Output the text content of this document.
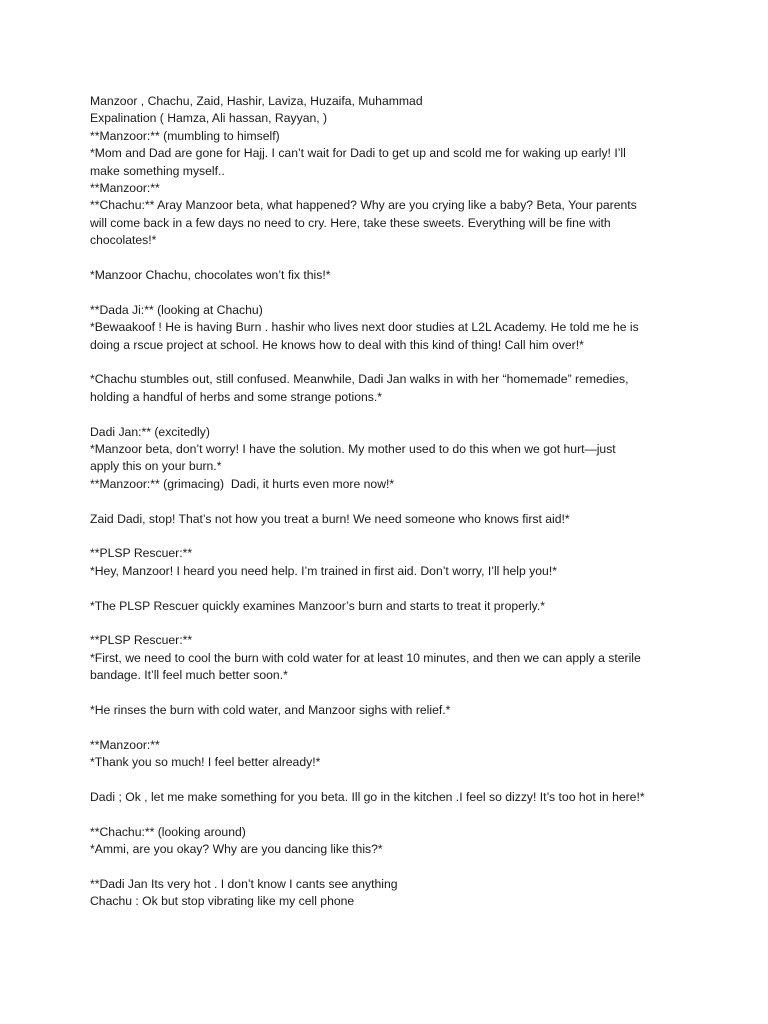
Manzoor , Chachu, Zaid, Hashir, Laviza, Huzaifa, Muhammad
Expalination ( Hamza, Ali hassan, Rayyan, )
**Manzoor:** (mumbling to himself)
*Mom and Dad are gone for Hajj. I can’t wait for Dadi to get up and scold me for waking up early! I’ll
make something myself..
**Manzoor:**
**Chachu:** Aray Manzoor beta, what happened? Why are you crying like a baby? Beta, Your parents
will come back in a few days no need to cry. Here, take these sweets. Everything will be fine with
chocolates!*
*Manzoor Chachu, chocolates won’t fix this!*
**Dada Ji:** (looking at Chachu)
*Bewaakoof ! He is having Burn . hashir who lives next door studies at L2L Academy. He told me he is
doing a rscue project at school. He knows how to deal with this kind of thing! Call him over!*
*Chachu stumbles out, still confused. Meanwhile, Dadi Jan walks in with her “homemade” remedies,
holding a handful of herbs and some strange potions.*
Dadi Jan:** (excitedly)
*Manzoor beta, don’t worry! I have the solution. My mother used to do this when we got hurt—just
apply this on your burn.*
**Manzoor:** (grimacing)  Dadi, it hurts even more now!*
Zaid Dadi, stop! That’s not how you treat a burn! We need someone who knows first aid!*
**PLSP Rescuer:**
*Hey, Manzoor! I heard you need help. I’m trained in first aid. Don’t worry, I’ll help you!*
*The PLSP Rescuer quickly examines Manzoor’s burn and starts to treat it properly.*
**PLSP Rescuer:**
*First, we need to cool the burn with cold water for at least 10 minutes, and then we can apply a sterile
bandage. It’ll feel much better soon.*
*He rinses the burn with cold water, and Manzoor sighs with relief.*
**Manzoor:**
*Thank you so much! I feel better already!*
Dadi ; Ok , let me make something for you beta. Ill go in the kitchen .I feel so dizzy! It’s too hot in here!*
**Chachu:** (looking around)
*Ammi, are you okay? Why are you dancing like this?*
**Dadi Jan Its very hot . I don’t know I cants see anything
Chachu : Ok but stop vibrating like my cell phone
